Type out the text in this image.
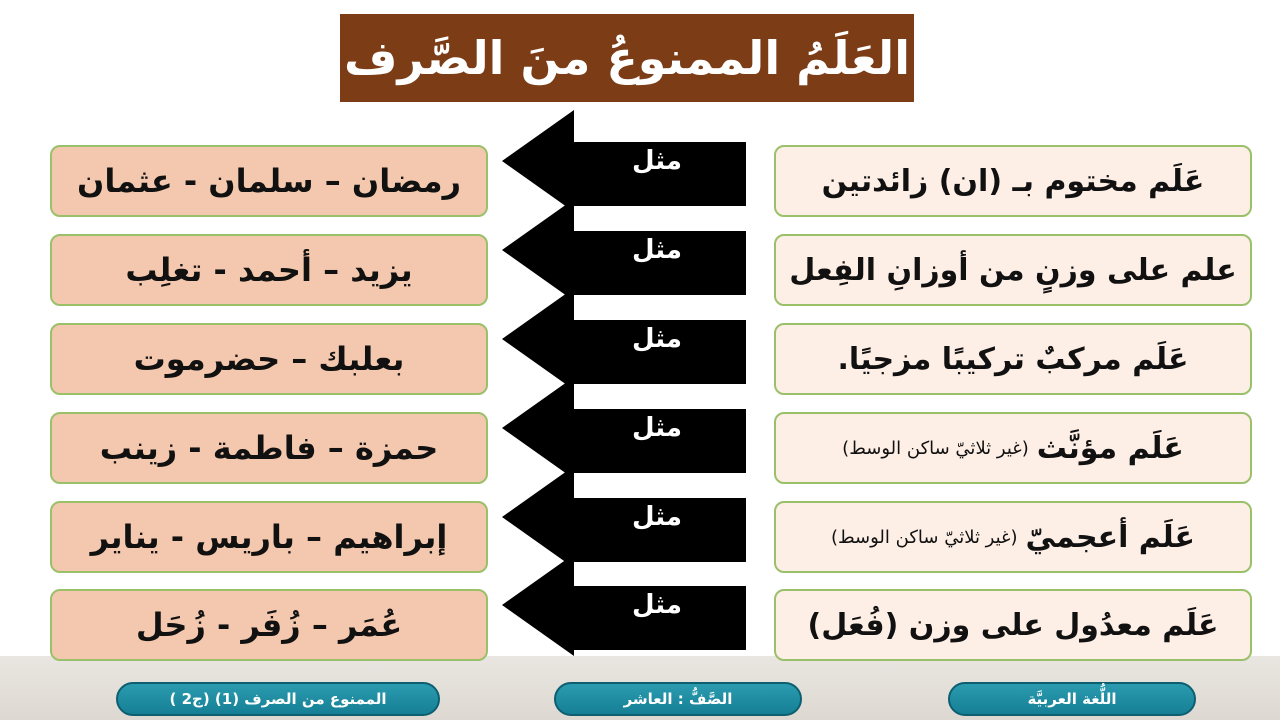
العَلَمُ الممنوعُ منَ الصَّرف
عَلَم مختوم بـ (ان) زائدتين
مثل
رمضان – سلمان - عثمان
علم على وزنٍ من أوزانِ الفِعل
مثل
يزيد – أحمد - تغلِب
عَلَم مركبٌ تركيبًا مزجيًا.
مثل
بعلبك – حضرموت
عَلَم مؤنَّث
(غير ثلاثيّ ساكن الوسط)
مثل
حمزة – فاطمة - زينب
عَلَم أعجميّ
(غير ثلاثيّ ساكن الوسط)
مثل
إبراهيم – باريس - يناير
عَلَم معدُول على وزن (فُعَل)
مثل
عُمَر – زُفَر - زُحَل
اللُّغة العربيَّة
الصَّفُّ : العاشر
الممنوع من الصرف (1) (ج2 )
